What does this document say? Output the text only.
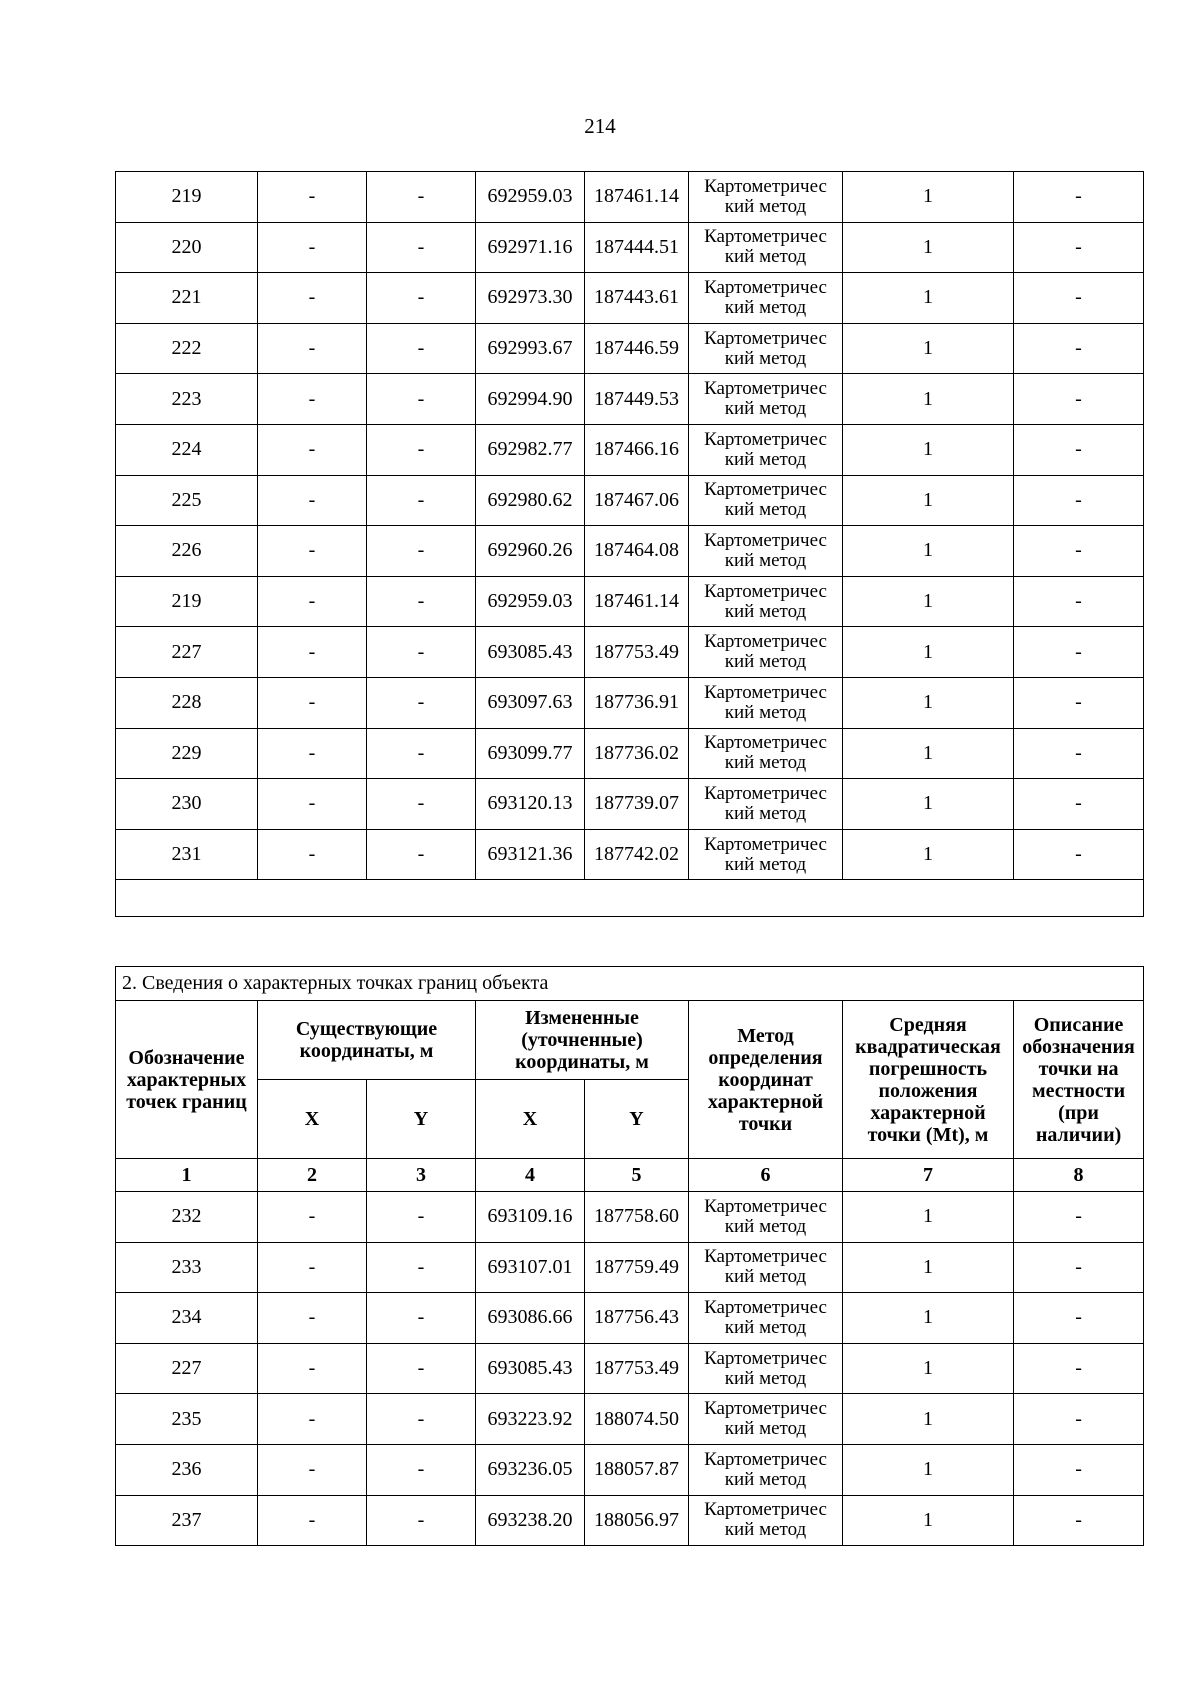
214
219	-	-	692959.03	187461.14	Картометричес кий метод	1	-
220	-	-	692971.16	187444.51	Картометричес кий метод	1	-
221	-	-	692973.30	187443.61	Картометричес кий метод	1	-
222	-	-	692993.67	187446.59	Картометричес кий метод	1	-
223	-	-	692994.90	187449.53	Картометричес кий метод	1	-
224	-	-	692982.77	187466.16	Картометричес кий метод	1	-
225	-	-	692980.62	187467.06	Картометричес кий метод	1	-
226	-	-	692960.26	187464.08	Картометричес кий метод	1	-
219	-	-	692959.03	187461.14	Картометричес кий метод	1	-
227	-	-	693085.43	187753.49	Картометричес кий метод	1	-
228	-	-	693097.63	187736.91	Картометричес кий метод	1	-
229	-	-	693099.77	187736.02	Картометричес кий метод	1	-
230	-	-	693120.13	187739.07	Картометричес кий метод	1	-
231	-	-	693121.36	187742.02	Картометричес кий метод	1	-

2. Сведения о характерных точках границ объекта							
Обозначение характерных точек границ	Существующие координаты, м		Измененные (уточненные) координаты, м		Метод определения координат характерной точки	Средняя квадратическая погрешность положения характерной точки (Mt), м	Описание обозначения точки на местности (при наличии)
	X	Y	X	Y			
1	2	3	4	5	6	7	8
232	-	-	693109.16	187758.60	Картометричес кий метод	1	-
233	-	-	693107.01	187759.49	Картометричес кий метод	1	-
234	-	-	693086.66	187756.43	Картометричес кий метод	1	-
227	-	-	693085.43	187753.49	Картометричес кий метод	1	-
235	-	-	693223.92	188074.50	Картометричес кий метод	1	-
236	-	-	693236.05	188057.87	Картометричес кий метод	1	-
237	-	-	693238.20	188056.97	Картометричес кий метод	1	-
